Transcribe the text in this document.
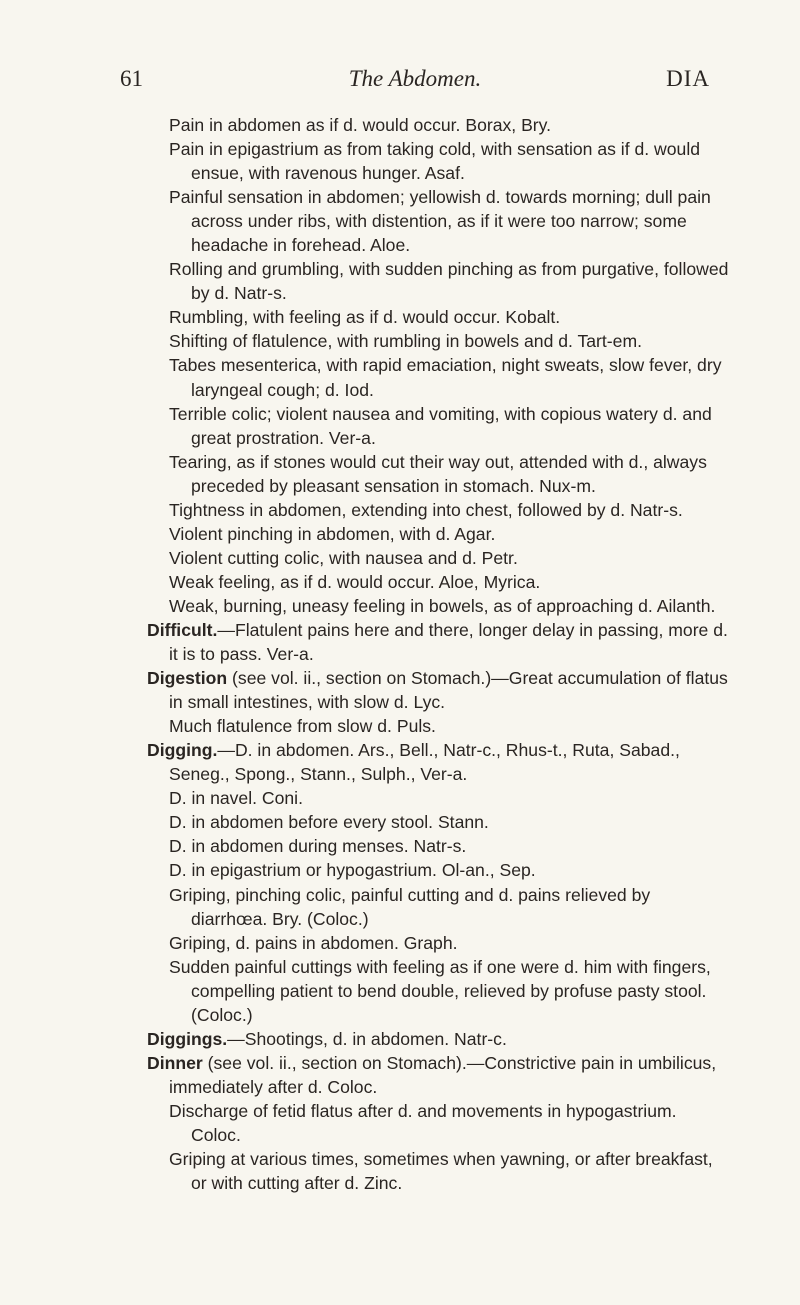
61	The Abdomen.	DIA

Pain in abdomen as if d. would occur. Borax, Bry.

Pain in epigastrium as from taking cold, with sensation as if d. would ensue, with ravenous hunger. Asaf.

Painful sensation in abdomen; yellowish d. towards morning; dull pain across under ribs, with distention, as if it were too narrow; some headache in forehead. Aloe.

Rolling and grumbling, with sudden pinching as from purgative, followed by d. Natr-s.

Rumbling, with feeling as if d. would occur. Kobalt.

Shifting of flatulence, with rumbling in bowels and d. Tart-em.

Tabes mesenterica, with rapid emaciation, night sweats, slow fever, dry laryngeal cough; d. Iod.

Terrible colic; violent nausea and vomiting, with copious watery d. and great prostration. Ver-a.

Tearing, as if stones would cut their way out, attended with d., always preceded by pleasant sensation in stomach. Nux-m.

Tightness in abdomen, extending into chest, followed by d. Natr-s.

Violent pinching in abdomen, with d. Agar.

Violent cutting colic, with nausea and d. Petr.

Weak feeling, as if d. would occur. Aloe, Myrica.

Weak, burning, uneasy feeling in bowels, as of approaching d. Ailanth.

Difficult.—Flatulent pains here and there, longer delay in passing, more d. it is to pass. Ver-a.

Digestion (see vol. ii., section on Stomach.)—Great accumulation of flatus in small intestines, with slow d. Lyc.

Much flatulence from slow d. Puls.

Digging.—D. in abdomen. Ars., Bell., Natr-c., Rhus-t., Ruta, Sabad., Seneg., Spong., Stann., Sulph., Ver-a.

D. in navel. Coni.

D. in abdomen before every stool. Stann.

D. in abdomen during menses. Natr-s.

D. in epigastrium or hypogastrium. Ol-an., Sep.

Griping, pinching colic, painful cutting and d. pains relieved by diarrhœa. Bry. (Coloc.)

Griping, d. pains in abdomen. Graph.

Sudden painful cuttings with feeling as if one were d. him with fingers, compelling patient to bend double, relieved by profuse pasty stool. (Coloc.)

Diggings.—Shootings, d. in abdomen. Natr-c.

Dinner (see vol. ii., section on Stomach).—Constrictive pain in umbilicus, immediately after d. Coloc.

Discharge of fetid flatus after d. and movements in hypogastrium. Coloc.

Griping at various times, sometimes when yawning, or after breakfast, or with cutting after d. Zinc.
